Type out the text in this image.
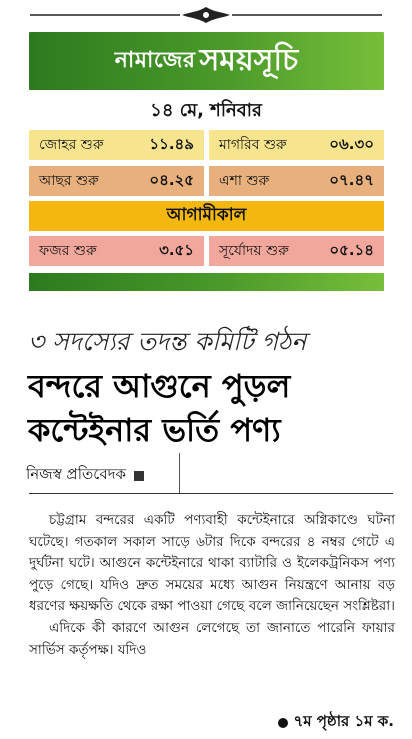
নামাজের সময়সূচি
১৪ মে, শনিবার
জোহর শুরু	১১.৪৯ মাগরিব শুরু	০৬.৩০
আছর শুরু	০৪.২৫ এশা শুরু	০৭.৪৭
আগামীকাল
ফজর শুরু	৩.৫১ সূর্যোদয় শুরু	০৫.১৪
৩ সদস্যের তদন্ত কমিটি গঠন
বন্দরে আগুনে পুড়ল
কন্টেইনার ভর্তি পণ্য
নিজস্ব প্রতিবেদক

চট্টগ্রাম বন্দরের একটি পণ্যবাহী কন্টেইনারে অগ্নিকাণ্ডে ঘটনা ঘটেছে। গতকাল সকাল সাড়ে ৬টার দিকে বন্দরের ৪ নম্বর গেটে এ দুর্ঘটনা ঘটে। আগুনে কন্টেইনারে থাকা ব্যাটারি ও ইলেকট্রনিকস পণ্য পুড়ে গেছে। যদিও দ্রুত সময়ের মধ্যে আগুন নিয়ন্ত্রণে আনায় বড় ধরণের ক্ষয়ক্ষতি থেকে রক্ষা পাওয়া গেছে বলে জানিয়েছেন সংশ্লিষ্টরা।

এদিকে কী কারণে আগুন লেগেছে তা জানাতে পারেনি ফায়ার সার্ভিস কর্তৃপক্ষ। যদিও

৭ম পৃষ্ঠার ১ম ক.
